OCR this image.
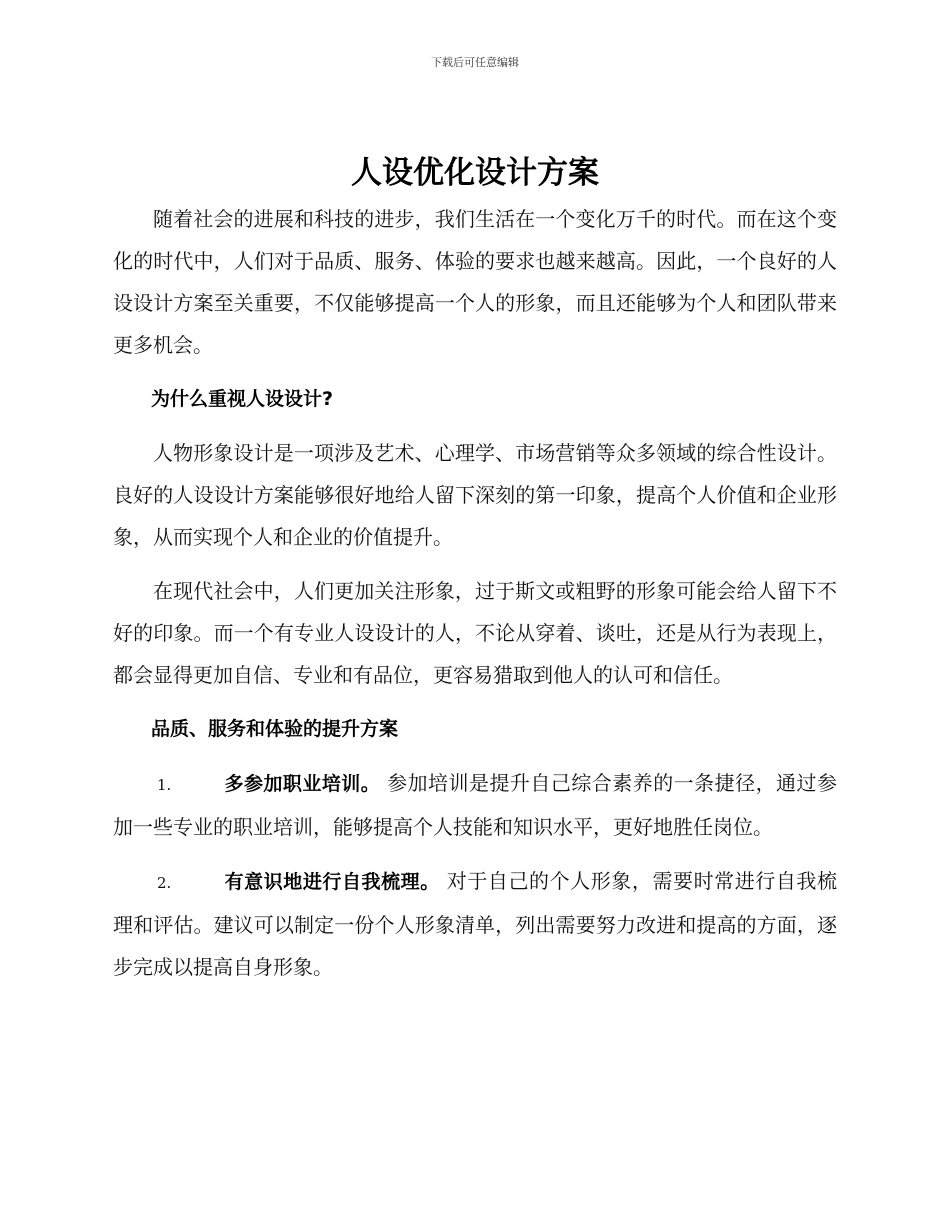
下载后可任意编辑
人设优化设计方案

随着社会的进展和科技的进步，我们生活在一个变化万千的时代。而在这个变化的时代中，人们对于品质、服务、体验的要求也越来越高。因此，一个良好的人设设计方案至关重要，不仅能够提高一个人的形象，而且还能够为个人和团队带来更多机会。

为什么重视人设设计?

人物形象设计是一项涉及艺术、心理学、市场营销等众多领域的综合性设计。良好的人设设计方案能够很好地给人留下深刻的第一印象，提高个人价值和企业形象，从而实现个人和企业的价值提升。

在现代社会中，人们更加关注形象，过于斯文或粗野的形象可能会给人留下不好的印象。而一个有专业人设设计的人，不论从穿着、谈吐，还是从行为表现上，都会显得更加自信、专业和有品位，更容易猎取到他人的认可和信任。

品质、服务和体验的提升方案

1.	多参加职业培训。 参加培训是提升自己综合素养的一条捷径，通过参加一些专业的职业培训，能够提高个人技能和知识水平，更好地胜任岗位。

2.	有意识地进行自我梳理。 对于自己的个人形象，需要时常进行自我梳理和评估。建议可以制定一份个人形象清单，列出需要努力改进和提高的方面，逐步完成以提高自身形象。
